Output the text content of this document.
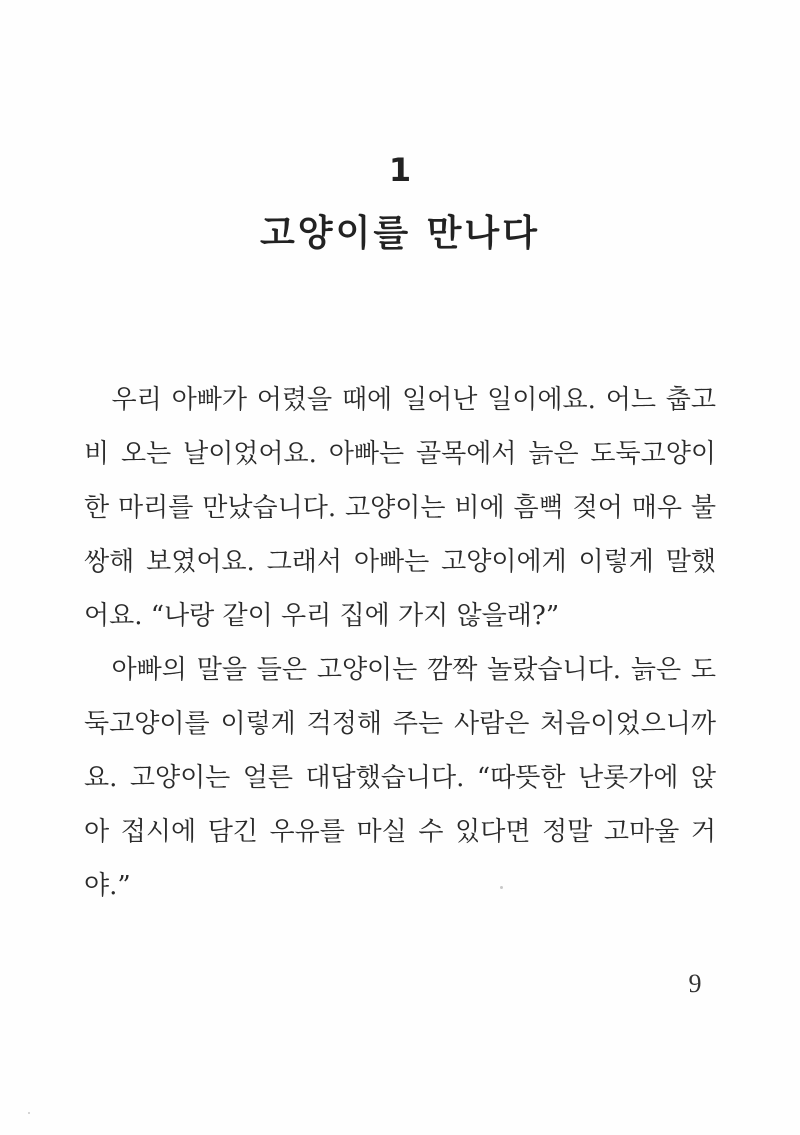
1
고양이를 만나다
　우리 아빠가 어렸을 때에 일어난 일이에요. 어느 춥고
비 오는 날이었어요. 아빠는 골목에서 늙은 도둑고양이
한 마리를 만났습니다. 고양이는 비에 흠뻑 젖어 매우 불
쌍해 보였어요. 그래서 아빠는 고양이에게 이렇게 말했
어요. “나랑 같이 우리 집에 가지 않을래?”
　아빠의 말을 들은 고양이는 깜짝 놀랐습니다. 늙은 도
둑고양이를 이렇게 걱정해 주는 사람은 처음이었으니까
요. 고양이는 얼른 대답했습니다. “따뜻한 난롯가에 앉
아 접시에 담긴 우유를 마실 수 있다면 정말 고마울 거
야.”
9
